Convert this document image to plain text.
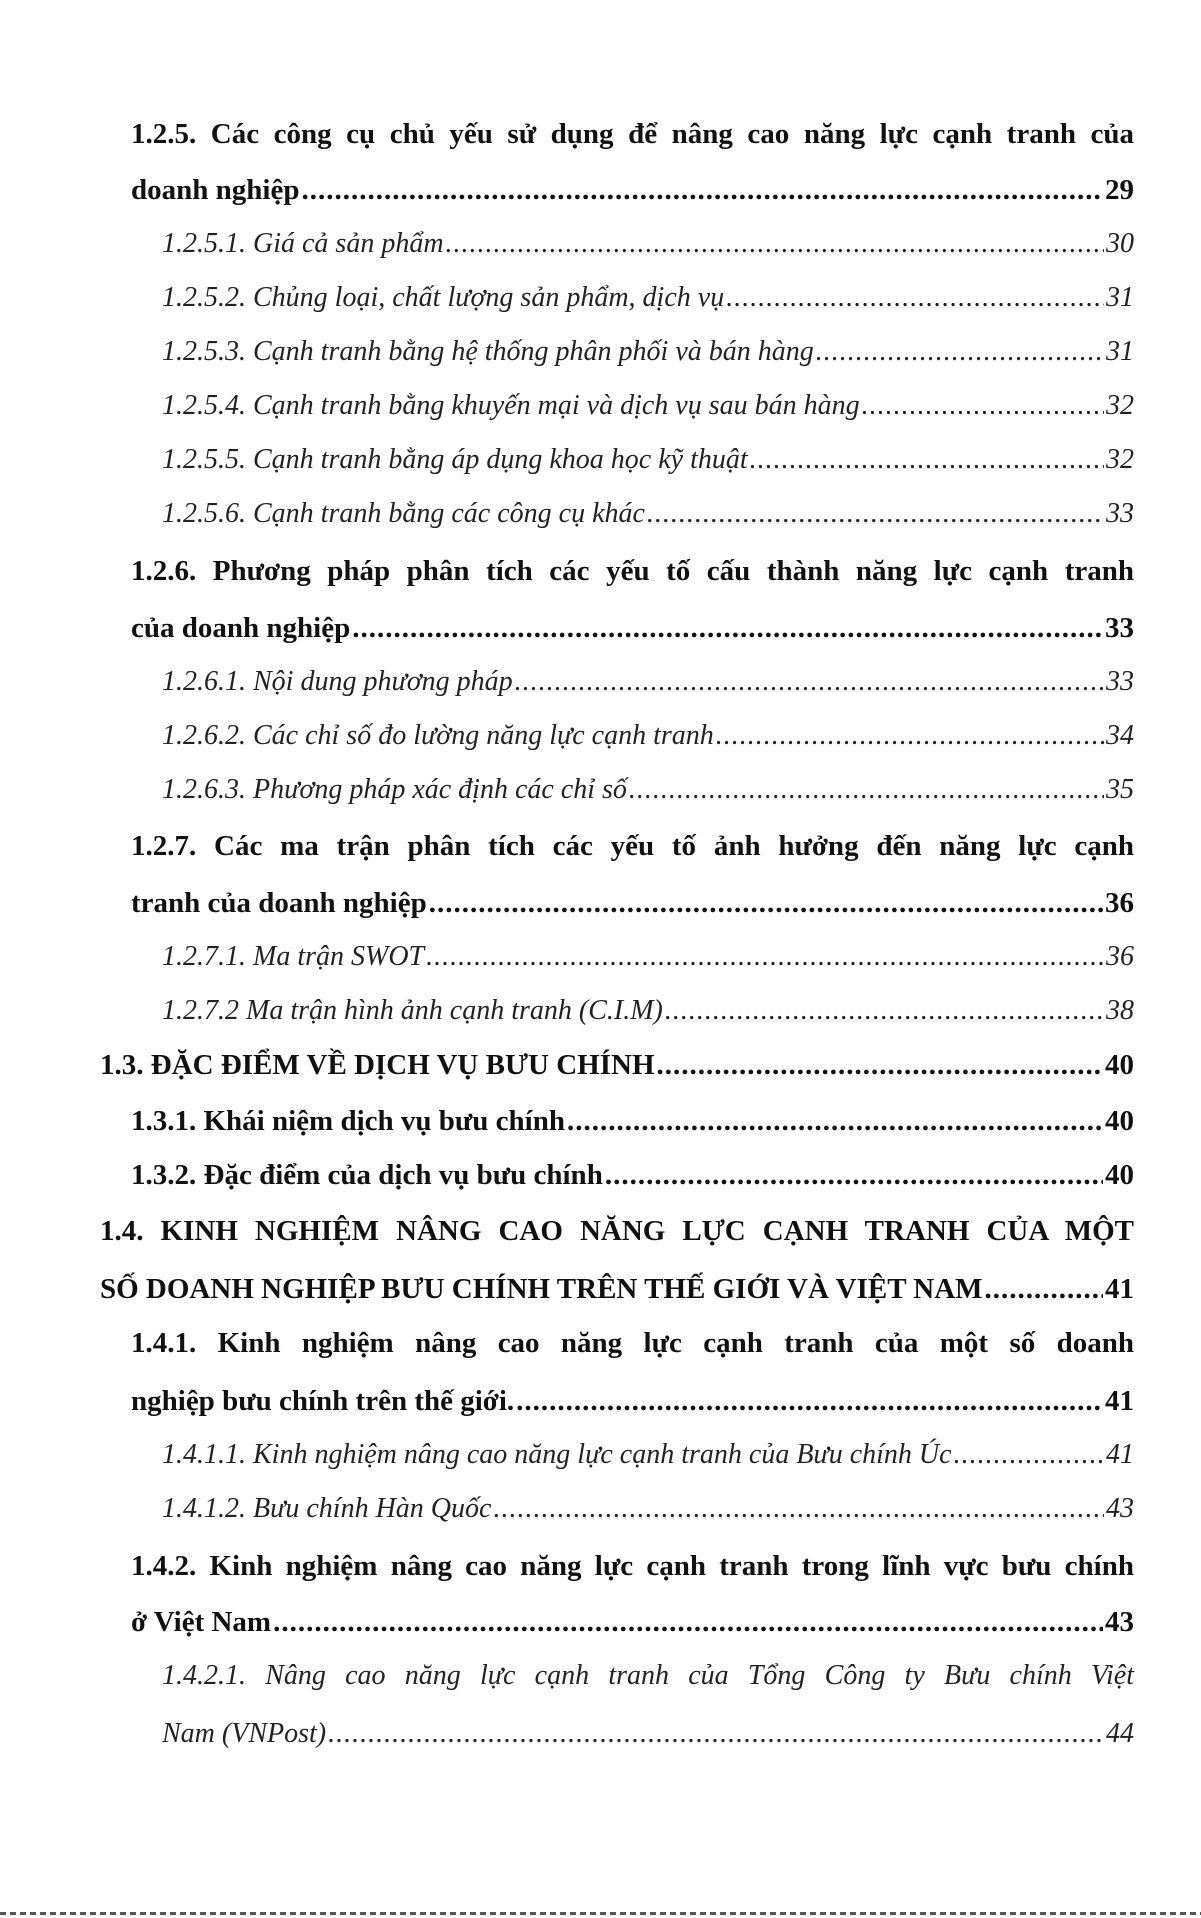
1.2.5. Các công cụ chủ yếu sử dụng để nâng cao năng lực cạnh tranh của
doanh nghiệp .....	29
1.2.5.1. Giá cả sản phẩm .....	30
1.2.5.2. Chủng loại, chất lượng sản phẩm, dịch vụ .....	31
1.2.5.3. Cạnh tranh bằng hệ thống phân phối và bán hàng .....	31
1.2.5.4. Cạnh tranh bằng khuyến mại và dịch vụ sau bán hàng .....	32
1.2.5.5. Cạnh tranh bằng áp dụng khoa học kỹ thuật .....	32
1.2.5.6. Cạnh tranh bằng các công cụ khác .....	33
1.2.6. Phương pháp phân tích các yếu tố cấu thành năng lực cạnh tranh
của doanh nghiệp .....	33
1.2.6.1. Nội dung phương pháp .....	33
1.2.6.2. Các chỉ số đo lường năng lực cạnh tranh .....	34
1.2.6.3. Phương pháp xác định các chỉ số .....	35
1.2.7. Các ma trận phân tích các yếu tố ảnh hưởng đến năng lực cạnh
tranh của doanh nghiệp .....	36
1.2.7.1. Ma trận SWOT .....	36
1.2.7.2 Ma trận hình ảnh cạnh tranh (C.I.M) .....	38
1.3. ĐẶC ĐIỂM VỀ DỊCH VỤ BƯU CHÍNH .....	40
1.3.1. Khái niệm dịch vụ bưu chính .....	40
1.3.2. Đặc điểm của dịch vụ bưu chính .....	40
1.4. KINH NGHIỆM NÂNG CAO NĂNG LỰC CẠNH TRANH CỦA MỘT
SỐ DOANH NGHIỆP BƯU CHÍNH TRÊN THẾ GIỚI VÀ VIỆT NAM .....	41
1.4.1. Kinh nghiệm nâng cao năng lực cạnh tranh của một số doanh
nghiệp bưu chính trên thế giới. .....	41
1.4.1.1. Kinh nghiệm nâng cao năng lực cạnh tranh của Bưu chính Úc .....	41
1.4.1.2. Bưu chính Hàn Quốc .....	43
1.4.2. Kinh nghiệm nâng cao năng lực cạnh tranh trong lĩnh vực bưu chính
ở Việt Nam .....	43
1.4.2.1. Nâng cao năng lực cạnh tranh của Tổng Công ty Bưu chính Việt
Nam (VNPost) .....	44
